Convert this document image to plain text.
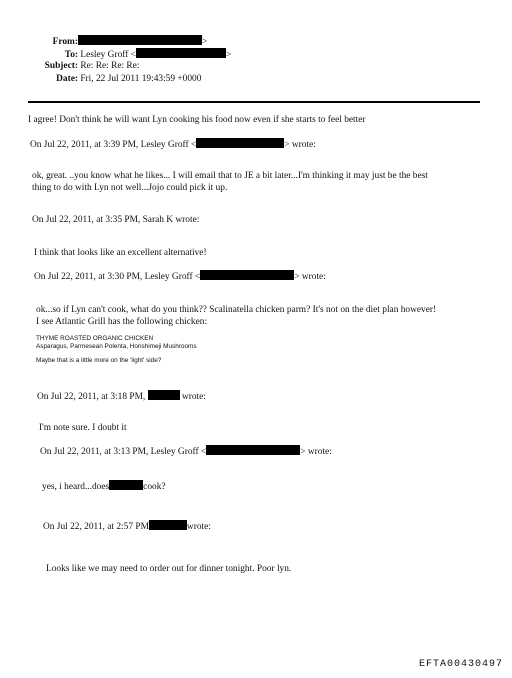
From:	>
To: Lesley Groff <	>
Subject: Re: Re: Re: Re:
Date: Fri, 22 Jul 2011 19:43:59 +0000
I agree! Don't think he will want Lyn cooking his food now even if she starts to feel better
On Jul 22, 2011, at 3:39 PM, Lesley Groff <	> wrote:
ok, great. ..you know what he likes... I will email that to JE a bit later...I'm thinking it may just be the best
thing to do with Lyn not well...Jojo could pick it up.
On Jul 22, 2011, at 3:35 PM, Sarah K wrote:
I think that looks like an excellent alternative!
On Jul 22, 2011, at 3:30 PM, Lesley Groff <	> wrote:
ok...so if Lyn can't cook, what do you think?? Scalinatella chicken parm? It's not on the diet plan however!
I see Atlantic Grill has the following chicken:
THYME ROASTED ORGANIC CHICKEN
Asparagus, Parmesean Polenta, Honshimeji Mushrooms
Maybe that is a little more on the 'light' side?
On Jul 22, 2011, at 3:18 PM,	wrote:
I'm note sure. I doubt it
On Jul 22, 2011, at 3:13 PM, Lesley Groff <	> wrote:
yes, i heard...does	cook?
On Jul 22, 2011, at 2:57 PM	wrote:
Looks like we may need to order out for dinner tonight. Poor lyn.
EFTA00430497
